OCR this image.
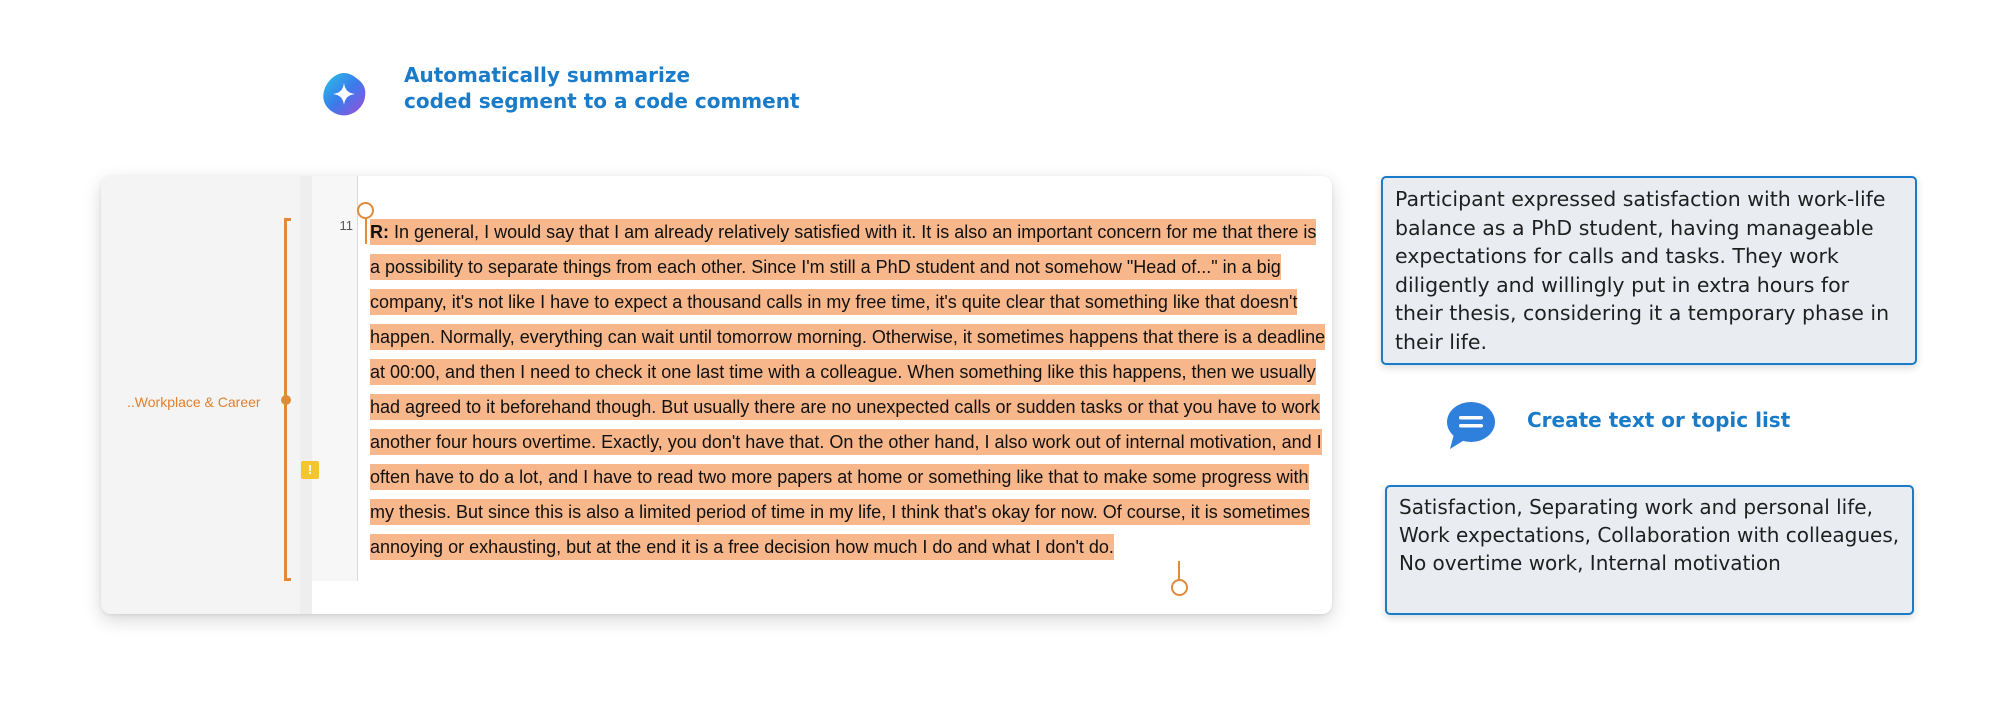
Automatically summarize
coded segment to a code comment
11
..Workplace & Career
!
R: In general, I would say that I am already relatively satisfied with it. It is also an important concern for me that there is a possibility to separate things from each other. Since I'm still a PhD student and not somehow "Head of..." in a big company, it's not like I have to expect a thousand calls in my free time, it's quite clear that something like that doesn't happen. Normally, everything can wait until tomorrow morning. Otherwise, it sometimes happens that there is a deadline at 00:00, and then I need to check it one last time with a colleague. When something like this happens, then we usually had agreed to it beforehand though. But usually there are no unexpected calls or sudden tasks or that you have to work another four hours overtime. Exactly, you don't have that. On the other hand, I also work out of internal motivation, and I often have to do a lot, and I have to read two more papers at home or something like that to make some progress with my thesis. But since this is also a limited period of time in my life, I think that's okay for now. Of course, it is sometimes annoying or exhausting, but at the end it is a free decision how much I do and what I don't do.
Participant expressed satisfaction with work-life balance as a PhD student, having manageable expectations for calls and tasks. They work diligently and willingly put in extra hours for their thesis, considering it a temporary phase in their life.
Create text or topic list
Satisfaction, Separating work and personal life, Work expectations, Collaboration with colleagues, No overtime work, Internal motivation
